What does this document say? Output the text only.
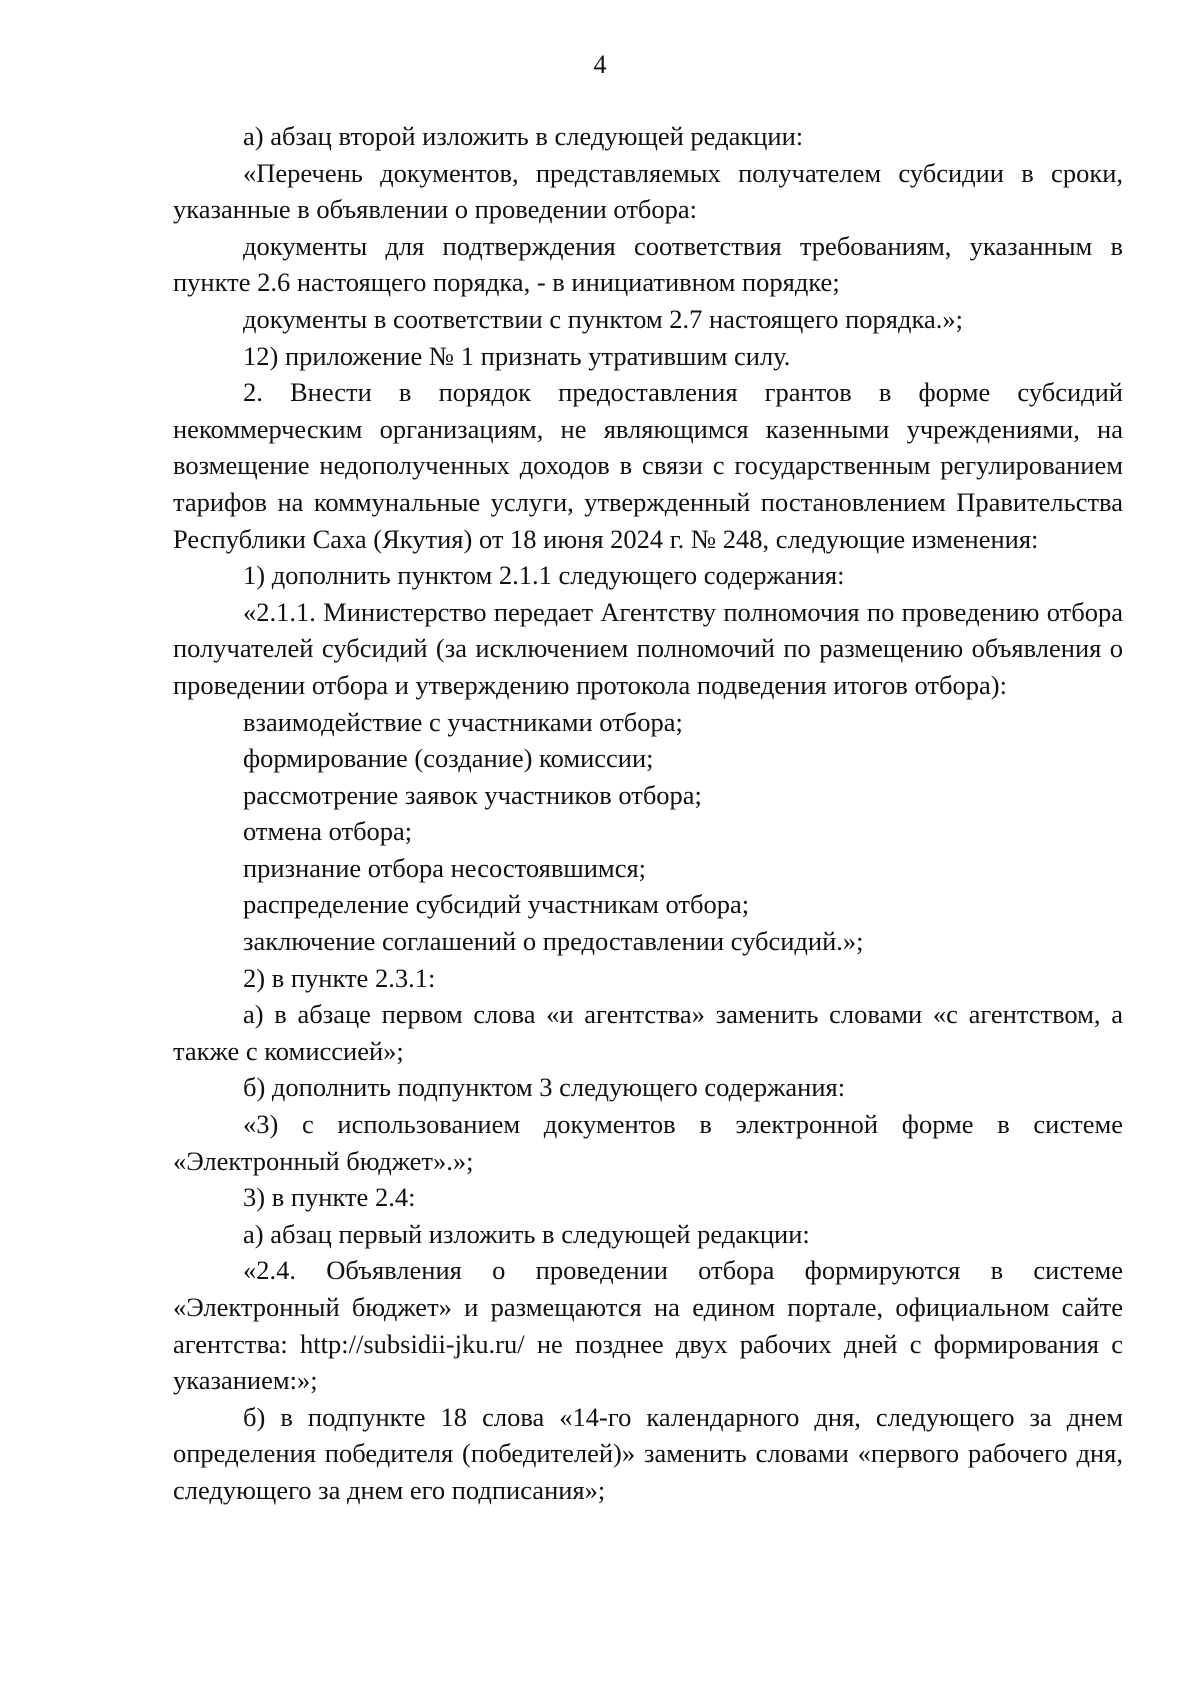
4

а) абзац второй изложить в следующей редакции:

«Перечень документов, представляемых получателем субсидии в сроки, указанные в объявлении о проведении отбора:

документы для подтверждения соответствия требованиям, указанным в пункте 2.6 настоящего порядка, - в инициативном порядке;

документы в соответствии с пунктом 2.7 настоящего порядка.»;

12) приложение № 1 признать утратившим силу.

2. Внести в порядок предоставления грантов в форме субсидий некоммерческим организациям, не являющимся казенными учреждениями, на возмещение недополученных доходов в связи с государственным регулированием тарифов на коммунальные услуги, утвержденный постановлением Правительства Республики Саха (Якутия) от 18 июня 2024 г. № 248, следующие изменения:

1) дополнить пунктом 2.1.1 следующего содержания:

«2.1.1. Министерство передает Агентству полномочия по проведению отбора получателей субсидий (за исключением полномочий по размещению объявления о проведении отбора и утверждению протокола подведения итогов отбора):

взаимодействие с участниками отбора;

формирование (создание) комиссии;

рассмотрение заявок участников отбора;

отмена отбора;

признание отбора несостоявшимся;

распределение субсидий участникам отбора;

заключение соглашений о предоставлении субсидий.»;

2) в пункте 2.3.1:

а) в абзаце первом слова «и агентства» заменить словами «с агентством, а также с комиссией»;

б) дополнить подпунктом 3 следующего содержания:

«3) с использованием документов в электронной форме в системе «Электронный бюджет».»;

3) в пункте 2.4:

а) абзац первый изложить в следующей редакции:

«2.4. Объявления о проведении отбора формируются в системе «Электронный бюджет» и размещаются на едином портале, официальном сайте агентства: http://subsidii-jku.ru/ не позднее двух рабочих дней с формирования с указанием:»;

б) в подпункте 18 слова «14-го календарного дня, следующего за днем определения победителя (победителей)» заменить словами «первого рабочего дня, следующего за днем его подписания»;
